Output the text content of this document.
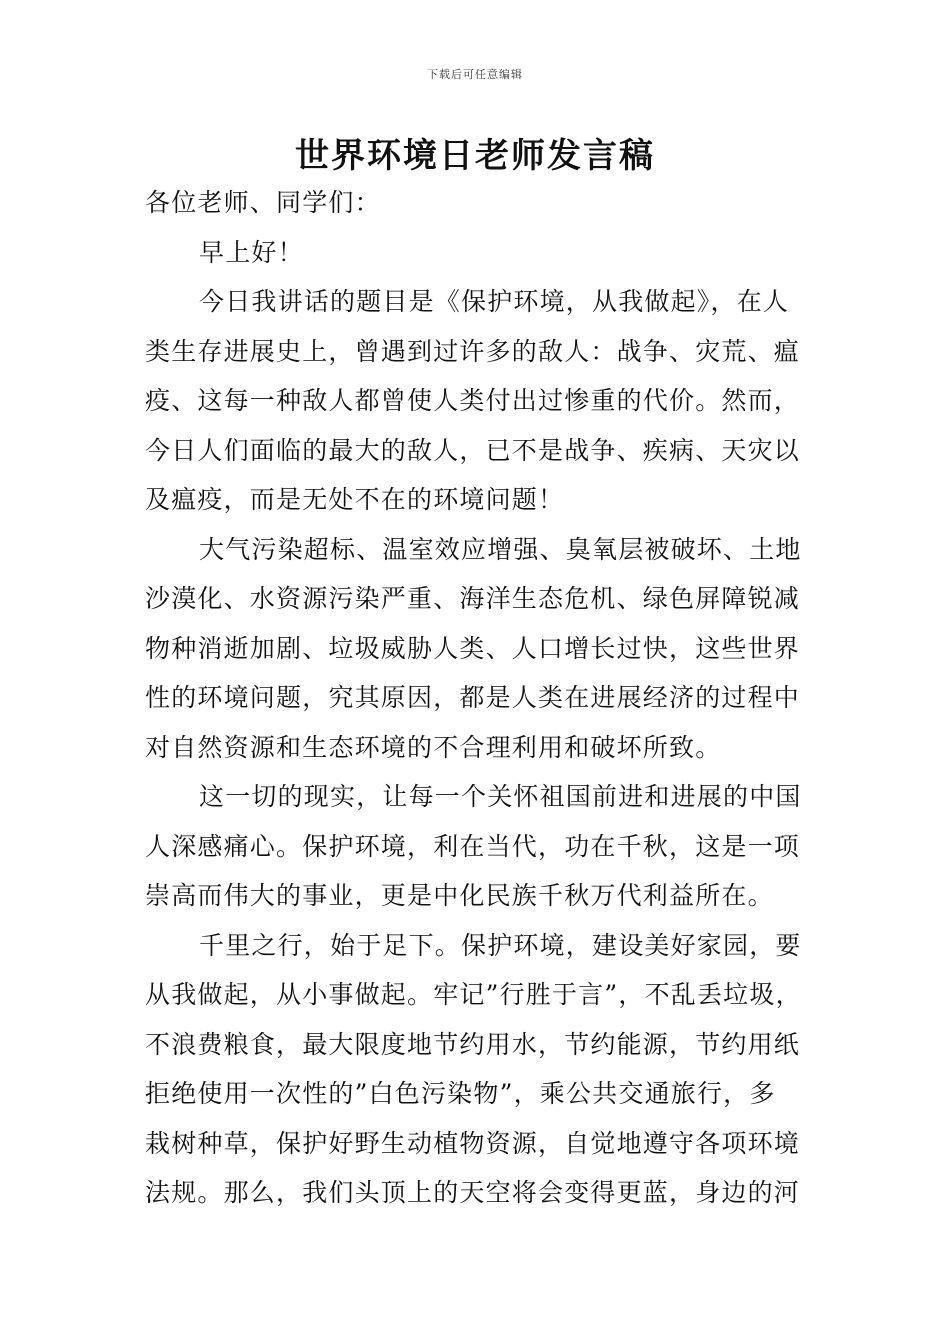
下载后可任意编辑
世界环境日老师发言稿
各位老师、同学们：
早上好！
今日我讲话的题目是《保护环境，从我做起》，在人
类生存进展史上，曾遇到过许多的敌人：战争、灾荒、瘟
疫、这每一种敌人都曾使人类付出过惨重的代价。然而，
今日人们面临的最大的敌人，已不是战争、疾病、天灾以
及瘟疫，而是无处不在的环境问题！
大气污染超标、温室效应增强、臭氧层被破坏、土地
沙漠化、水资源污染严重、海洋生态危机、绿色屏障锐减
物种消逝加剧、垃圾威胁人类、人口增长过快，这些世界
性的环境问题，究其原因，都是人类在进展经济的过程中
对自然资源和生态环境的不合理利用和破坏所致。
这一切的现实，让每一个关怀祖国前进和进展的中国
人深感痛心。保护环境，利在当代，功在千秋，这是一项
崇高而伟大的事业，更是中化民族千秋万代利益所在。
千里之行，始于足下。保护环境，建设美好家园，要
从我做起，从小事做起。牢记”行胜于言”，不乱丢垃圾，
不浪费粮食，最大限度地节约用水，节约能源，节约用纸
拒绝使用一次性的”白色污染物”，乘公共交通旅行，多
栽树种草，保护好野生动植物资源，自觉地遵守各项环境
法规。那么，我们头顶上的天空将会变得更蓝，身边的河
